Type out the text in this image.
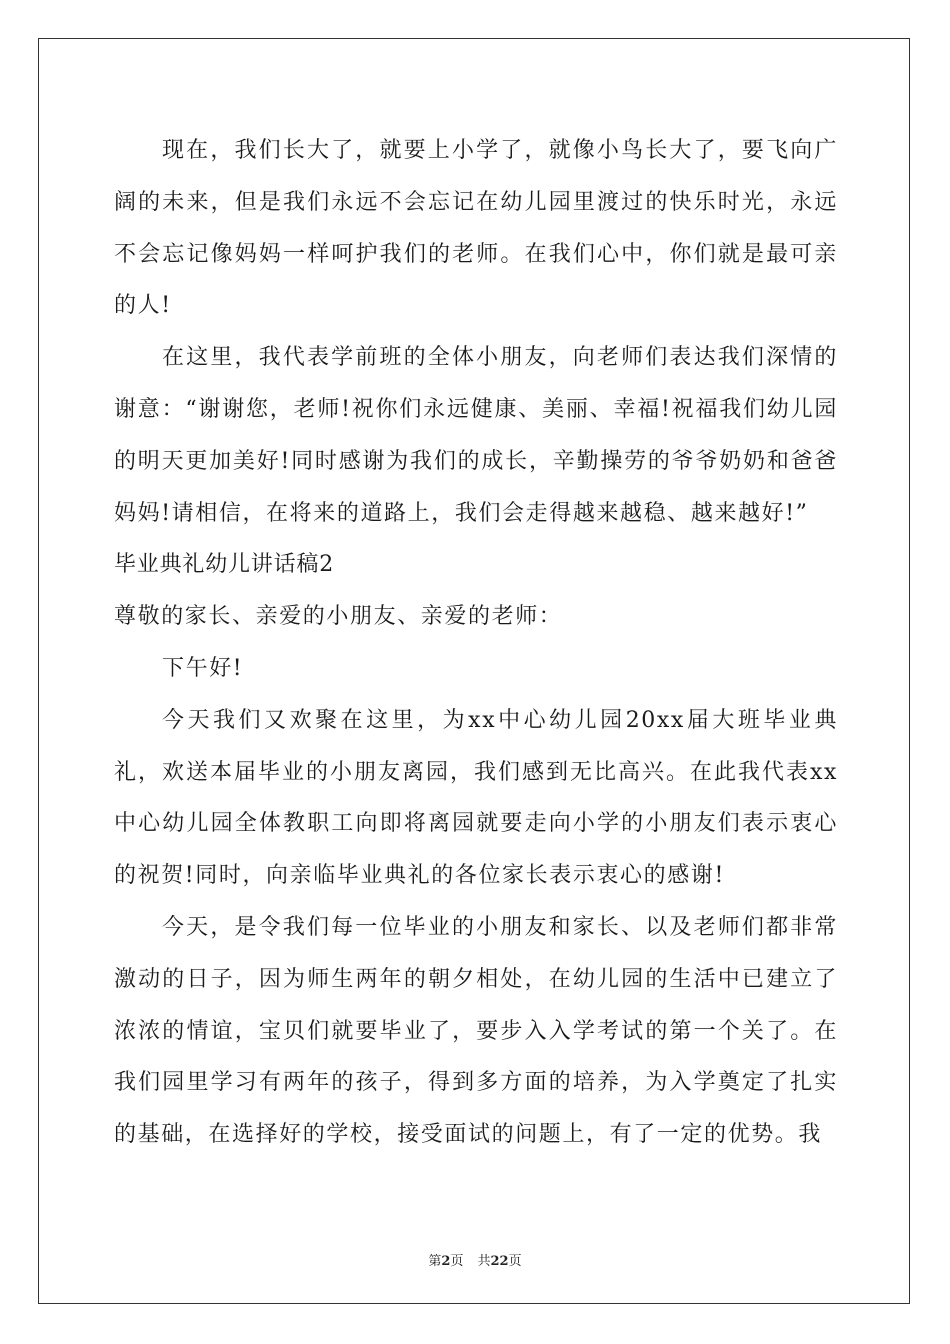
现在，我们长大了，就要上小学了，就像小鸟长大了，要飞向广阔的未来，但是我们永远不会忘记在幼儿园里渡过的快乐时光，永远不会忘记像妈妈一样呵护我们的老师。在我们心中，你们就是最可亲的人!

在这里，我代表学前班的全体小朋友，向老师们表达我们深情的谢意：“谢谢您，老师!祝你们永远健康、美丽、幸福!祝福我们幼儿园的明天更加美好!同时感谢为我们的成长，辛勤操劳的爷爷奶奶和爸爸妈妈!请相信，在将来的道路上，我们会走得越来越稳、越来越好!”

毕业典礼幼儿讲话稿2

尊敬的家长、亲爱的小朋友、亲爱的老师：

下午好!

今天我们又欢聚在这里，为xx中心幼儿园20xx届大班毕业典礼，欢送本届毕业的小朋友离园，我们感到无比高兴。在此我代表xx中心幼儿园全体教职工向即将离园就要走向小学的小朋友们表示衷心的祝贺!同时，向亲临毕业典礼的各位家长表示衷心的感谢!

今天，是令我们每一位毕业的小朋友和家长、以及老师们都非常激动的日子，因为师生两年的朝夕相处，在幼儿园的生活中已建立了浓浓的情谊，宝贝们就要毕业了，要步入入学考试的第一个关了。在我们园里学习有两年的孩子，得到多方面的培养，为入学奠定了扎实的基础，在选择好的学校，接受面试的问题上，有了一定的优势。我

第2页 共22页
